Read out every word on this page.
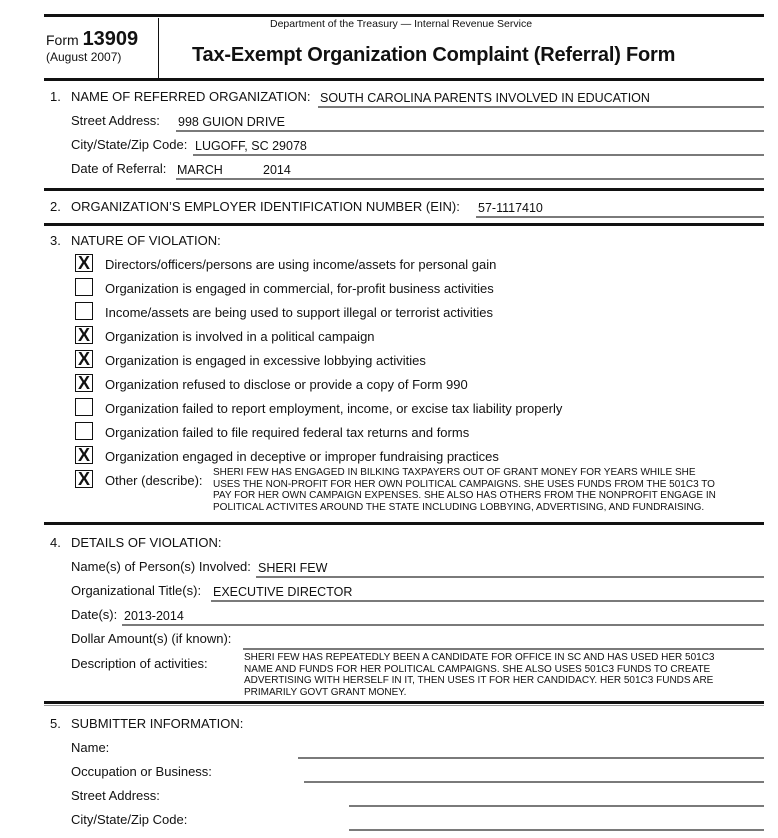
Form 13909
(August 2007)
Department of the Treasury — Internal Revenue Service
Tax-Exempt Organization Complaint (Referral) Form
1. NAME OF REFERRED ORGANIZATION: SOUTH CAROLINA PARENTS INVOLVED IN EDUCATION
Street Address: 998 GUION DRIVE
City/State/Zip Code: LUGOFF, SC 29078
Date of Referral: MARCH	2014
2. ORGANIZATION’S EMPLOYER IDENTIFICATION NUMBER (EIN): 57-1117410
3. NATURE OF VIOLATION:
X Directors/officers/persons are using income/assets for personal gain
Organization is engaged in commercial, for-profit business activities
Income/assets are being used to support illegal or terrorist activities
X Organization is involved in a political campaign
X Organization is engaged in excessive lobbying activities
X Organization refused to disclose or provide a copy of Form 990
Organization failed to report employment, income, or excise tax liability properly
Organization failed to file required federal tax returns and forms
X Organization engaged in deceptive or improper fundraising practices
X Other (describe):
SHERI FEW HAS ENGAGED IN BILKING TAXPAYERS OUT OF GRANT MONEY FOR YEARS WHILE SHE
USES THE NON-PROFIT FOR HER OWN POLITICAL CAMPAIGNS. SHE USES FUNDS FROM THE 501C3 TO
PAY FOR HER OWN CAMPAIGN EXPENSES. SHE ALSO HAS OTHERS FROM THE NONPROFIT ENGAGE IN
POLITICAL ACTIVITES AROUND THE STATE INCLUDING LOBBYING, ADVERTISING, AND FUNDRAISING.
4. DETAILS OF VIOLATION:
Name(s) of Person(s) Involved: SHERI FEW
Organizational Title(s): EXECUTIVE DIRECTOR
Date(s): 2013-2014
Dollar Amount(s) (if known):
Description of activities:	SHERI FEW HAS REPEATEDLY BEEN A CANDIDATE FOR OFFICE IN SC AND HAS USED HER 501C3
NAME AND FUNDS FOR HER POLITICAL CAMPAIGNS. SHE ALSO USES 501C3 FUNDS TO CREATE
ADVERTISING WITH HERSELF IN IT, THEN USES IT FOR HER CANDIDACY. HER 501C3 FUNDS ARE
PRIMARILY GOVT GRANT MONEY.
5. SUBMITTER INFORMATION:
Name:
Occupation or Business:
Street Address:
City/State/Zip Code:
